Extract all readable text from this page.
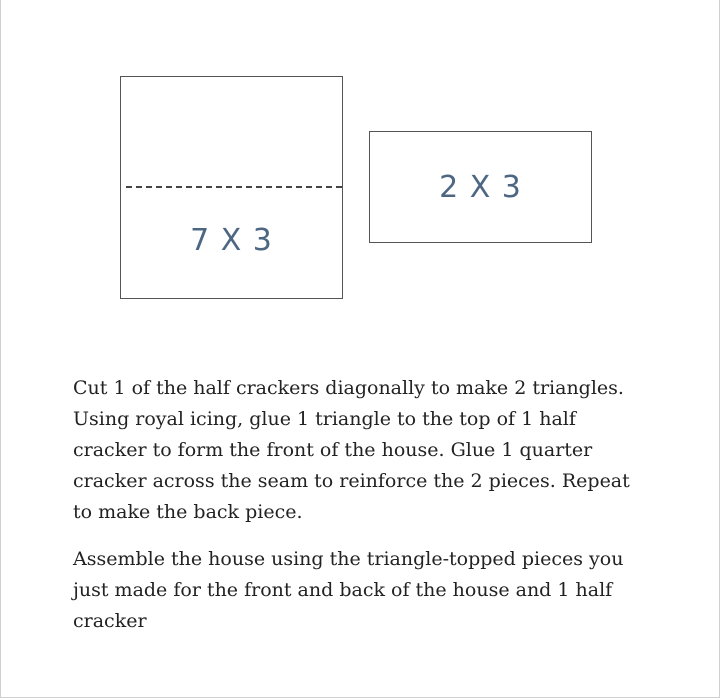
7 X 3
2 X 3

Cut 1 of the half crackers diagonally to make 2 triangles. Using royal icing, glue 1 triangle to the top of 1 half cracker to form the front of the house. Glue 1 quarter cracker across the seam to reinforce the 2 pieces. Repeat to make the back piece.

Assemble the house using the triangle-topped pieces you just made for the front and back of the house and 1 half cracker
